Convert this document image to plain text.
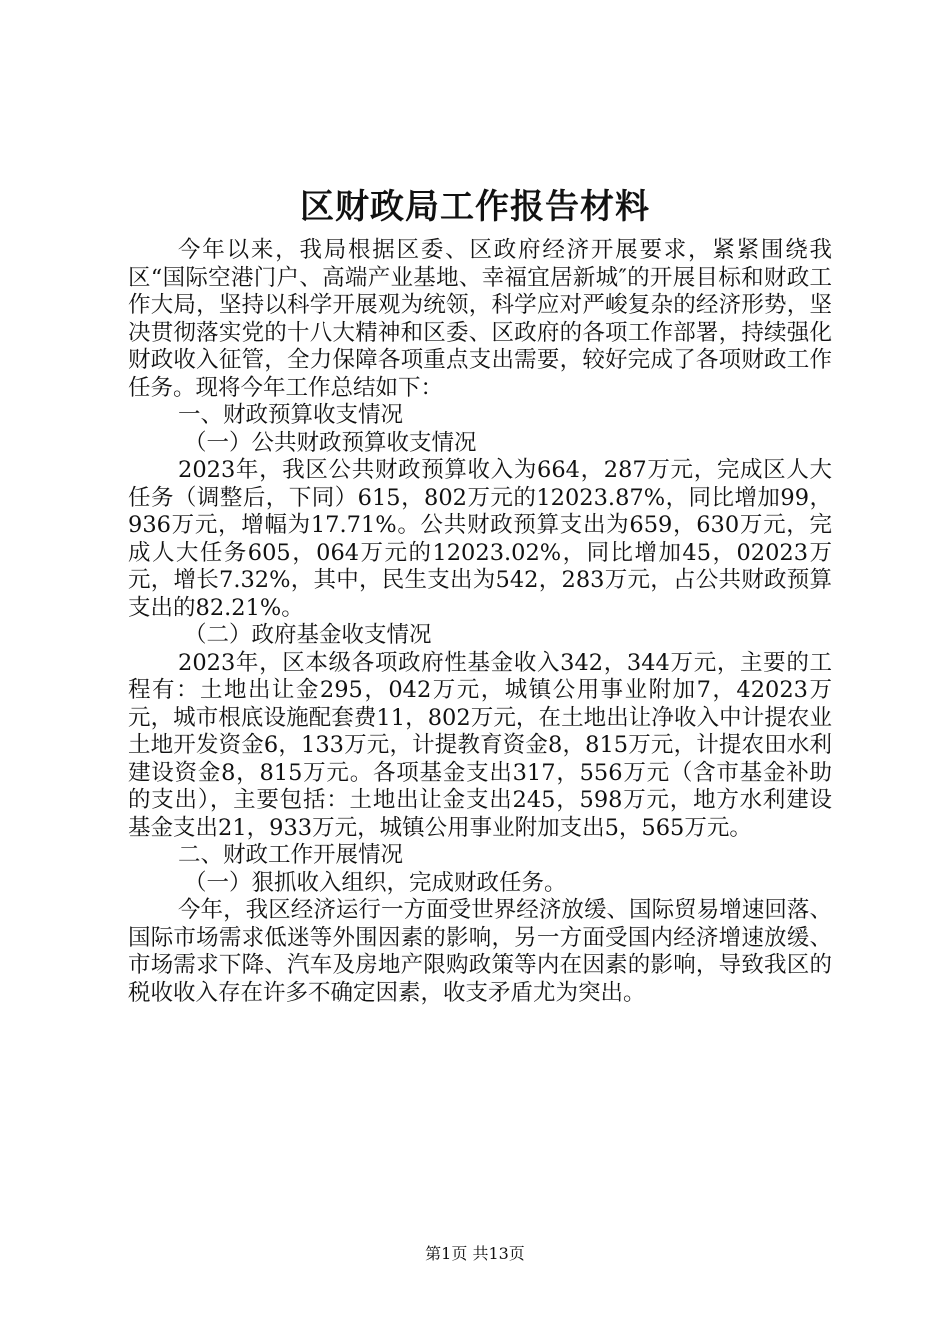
区财政局工作报告材料

今年以来，我局根据区委、区政府经济开展要求，紧紧围绕我区“国际空港门户、高端产业基地、幸福宜居新城″的开展目标和财政工作大局，坚持以科学开展观为统领，科学应对严峻复杂的经济形势，坚决贯彻落实党的十八大精神和区委、区政府的各项工作部署，持续强化财政收入征管，全力保障各项重点支出需要，较好完成了各项财政工作任务。现将今年工作总结如下：

一、财政预算收支情况

（一）公共财政预算收支情况

2023年，我区公共财政预算收入为664，287万元，完成区人大任务（调整后，下同）615，802万元的12023.87%，同比增加99，936万元，增幅为17.71%。公共财政预算支出为659，630万元，完成人大任务605，064万元的12023.02%，同比增加45，02023万元，增长7.32%，其中，民生支出为542，283万元，占公共财政预算支出的82.21%。

（二）政府基金收支情况

2023年，区本级各项政府性基金收入342，344万元，主要的工程有：土地出让金295，042万元，城镇公用事业附加7，42023万元，城市根底设施配套费11，802万元，在土地出让净收入中计提农业土地开发资金6，133万元，计提教育资金8，815万元，计提农田水利建设资金8，815万元。各项基金支出317，556万元（含市基金补助的支出），主要包括：土地出让金支出245，598万元，地方水利建设基金支出21，933万元，城镇公用事业附加支出5，565万元。

二、财政工作开展情况

（一）狠抓收入组织，完成财政任务。

今年，我区经济运行一方面受世界经济放缓、国际贸易增速回落、国际市场需求低迷等外围因素的影响，另一方面受国内经济增速放缓、市场需求下降、汽车及房地产限购政策等内在因素的影响，导致我区的税收收入存在许多不确定因素，收支矛盾尤为突出。

第1页 共13页
